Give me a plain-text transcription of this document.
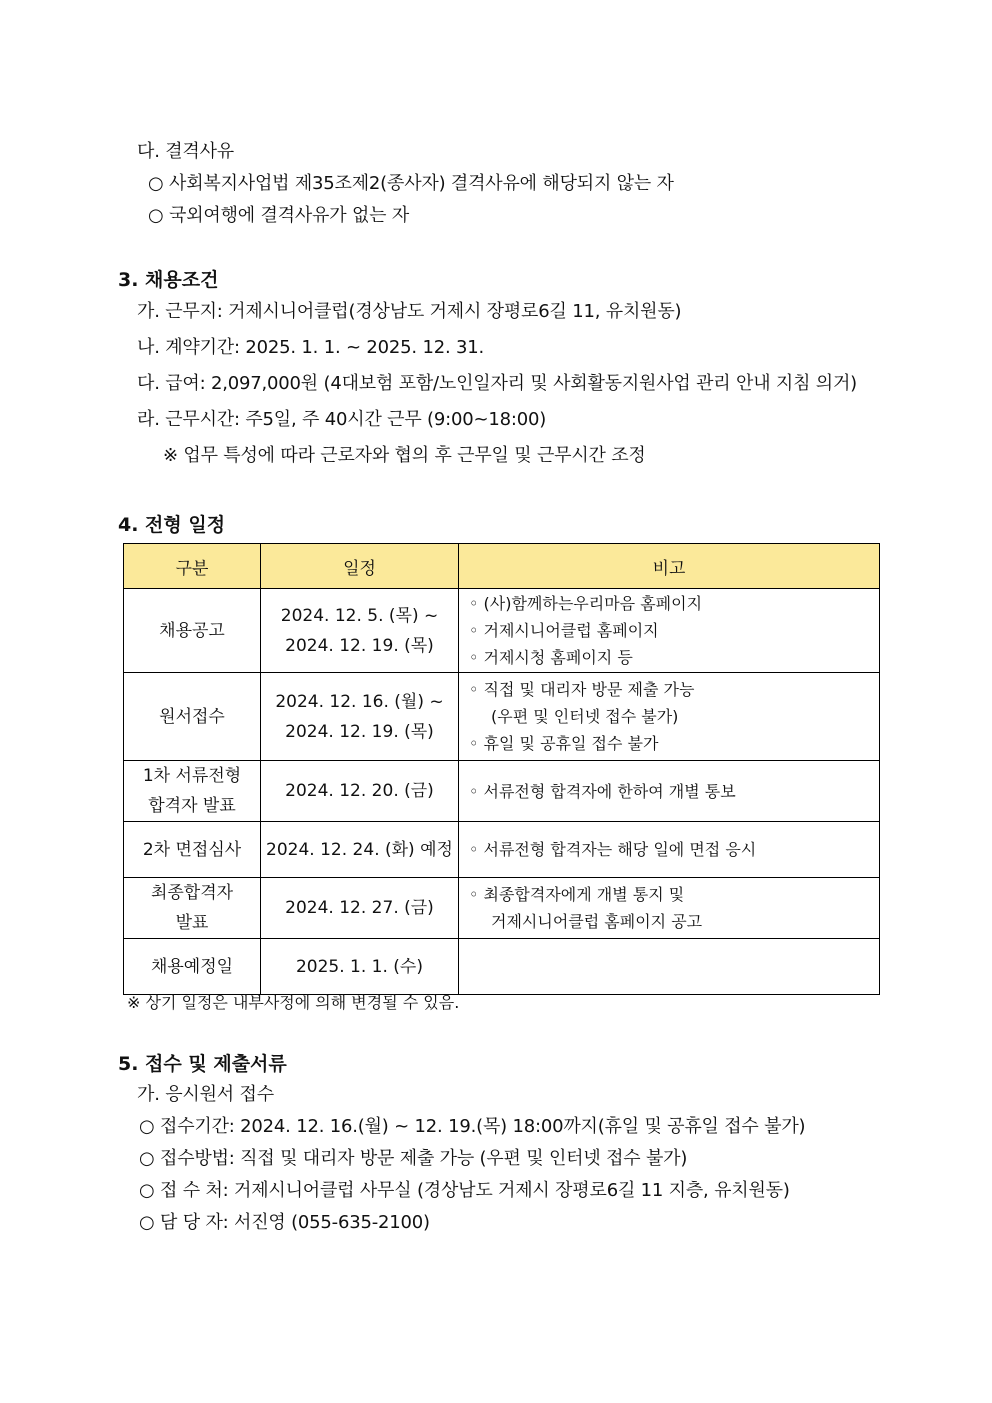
다. 결격사유
○ 사회복지사업법 제35조제2(종사자) 결격사유에 해당되지 않는 자
○ 국외여행에 결격사유가 없는 자
3. 채용조건
가. 근무지: 거제시니어클럽(경상남도 거제시 장평로6길 11, 유치원동)
나. 계약기간: 2025. 1. 1. ~ 2025. 12. 31.
다. 급여: 2,097,000원 (4대보험 포함/노인일자리 및 사회활동지원사업 관리 안내 지침 의거)
라. 근무시간: 주5일, 주 40시간 근무 (9:00~18:00)
※ 업무 특성에 따라 근로자와 협의 후 근무일 및 근무시간 조정
4. 전형 일정
구분	일정	비고

채용공고	2024. 12. 5. (목) ~
2024. 12. 19. (목)	◦ (사)함께하는우리마음 홈페이지
◦ 거제시니어클럽 홈페이지
◦ 거제시청 홈페이지 등

원서접수	2024. 12. 16. (월) ~
2024. 12. 19. (목)	◦ 직접 및 대리자 방문 제출 가능
(우편 및 인터넷 접수 불가)
◦ 휴일 및 공휴일 접수 불가

1차 서류전형
합격자 발표	2024. 12. 20. (금)	◦ 서류전형 합격자에 한하여 개별 통보

2차 면접심사	2024. 12. 24. (화) 예정	◦ 서류전형 합격자는 해당 일에 면접 응시

최종합격자
발표	2024. 12. 27. (금)	◦ 최종합격자에게 개별 통지 및
거제시니어클럽 홈페이지 공고

채용예정일	2025. 1. 1. (수)	

※ 상기 일정은 내부사정에 의해 변경될 수 있음.
5. 접수 및 제출서류
가. 응시원서 접수
○ 접수기간: 2024. 12. 16.(월) ~ 12. 19.(목) 18:00까지(휴일 및 공휴일 접수 불가)
○ 접수방법: 직접 및 대리자 방문 제출 가능 (우편 및 인터넷 접수 불가)
○ 접 수 처: 거제시니어클럽 사무실 (경상남도 거제시 장평로6길 11 지층, 유치원동)
○ 담 당 자: 서진영 (055-635-2100)
